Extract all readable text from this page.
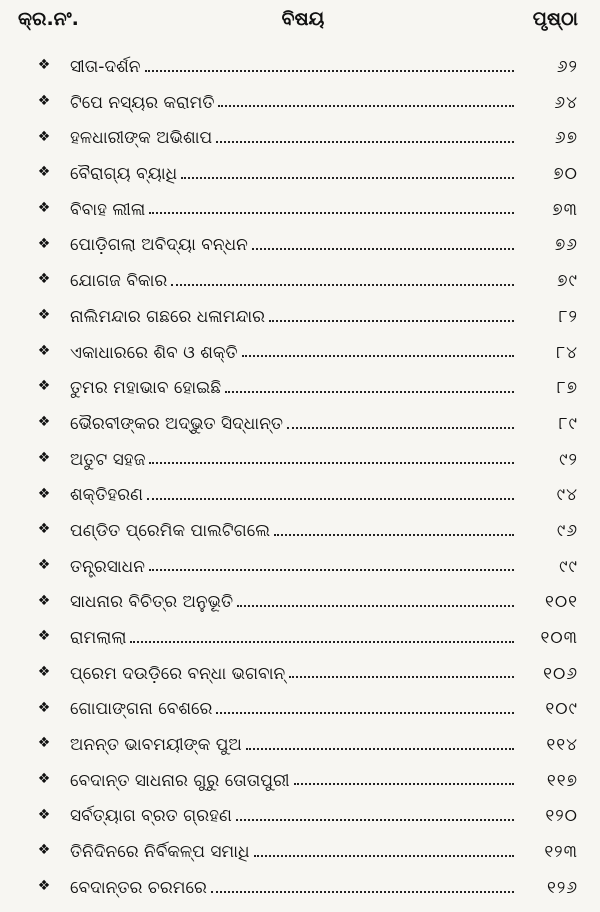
କ୍ର.ନଂ.	ବିଷୟ	ପୃଷ୍ଠା
❖	ସୀତା-ଦର୍ଶନ	୬୨
❖	ଟିପେ ନସ୍ୟର କରାମତି	୬୪
❖	ହଳଧାରୀଙ୍କ ଅଭିଶାପ	୬୭
❖	ବୈରାଗ୍ୟ ବ୍ୟାଧି	୭୦
❖	ବିବାହ ଲୀଳା	୭୩
❖	ପୋଡ଼ିଗଲା ଅବିଦ୍ୟା ବନ୍ଧନ	୭୬
❖	ଯୋଗଜ ବିକାର	୭୯
❖	ନାଲିମନ୍ଦାର ଗଛରେ ଧଳାମନ୍ଦାର	୮୨
❖	ଏକାଧାରରେ ଶିବ ଓ ଶକ୍ତି	୮୪
❖	ତୁମର ମହାଭାବ ହୋଇଛି	୮୭
❖	ଭୈରବୀଙ୍କର ଅଦ୍ଭୁତ ସିଦ୍ଧାନ୍ତ	୮୯
❖	ଅତୁଟ ସହଜ	୯୨
❖	ଶକ୍ତିହରଣ	୯୪
❖	ପଣ୍ଡିତ ପ୍ରେମିକ ପାଲଟିଗଲେ	୯୬
❖	ତନ୍ତ୍ରସାଧନ	୯୯
❖	ସାଧନାର ବିଚିତ୍ର ଅନୁଭୂତି	୧୦୧
❖	ରାମଲାଲା	୧୦୩
❖	ପ୍ରେମ ଦଉଡ଼ିରେ ବନ୍ଧା ଭଗବାନ୍	୧୦୬
❖	ଗୋପାଙ୍ଗନା ବେଶରେ	୧୦୯
❖	ଅନନ୍ତ ଭାବମୟୀଙ୍କ ପୁଅ	୧୧୪
❖	ବେଦାନ୍ତ ସାଧନାର ଗୁରୁ ତୋତାପୁରୀ	୧୧୭
❖	ସର୍ବତ୍ୟାଗ ବ୍ରତ ଗ୍ରହଣ	୧୨୦
❖	ତିନିଦିନରେ ନିର୍ବିକଳ୍ପ ସମାଧି	୧୨୩
❖	ବେଦାନ୍ତର ଚରମରେ	୧୨୬
